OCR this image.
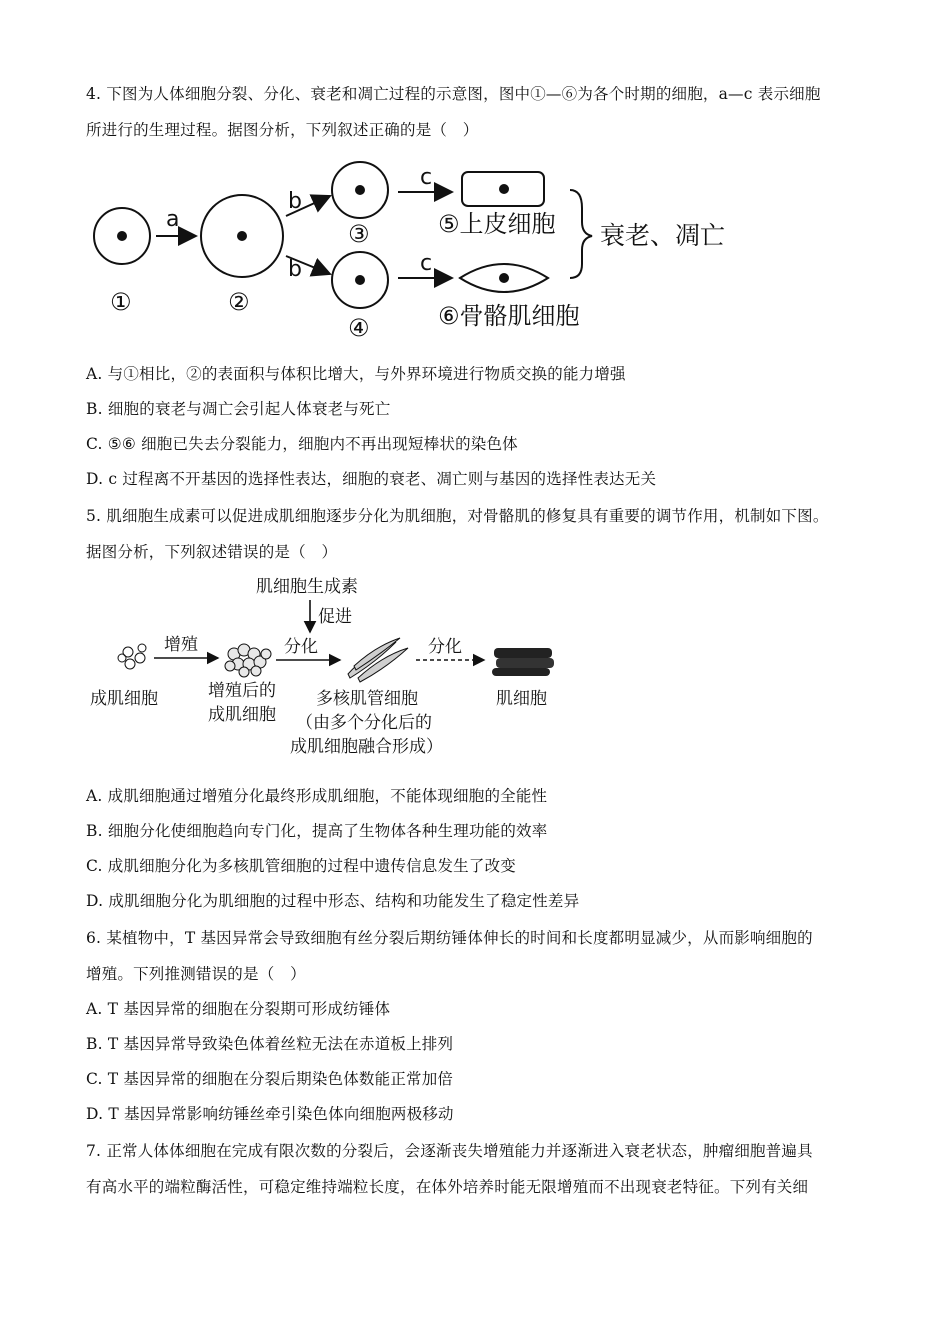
4. 下图为人体细胞分裂、分化、衰老和凋亡过程的示意图，图中①—⑥为各个时期的细胞，a—c 表示细胞
所进行的生理过程。据图分析，下列叙述正确的是（　）
①
a
②
b
b
③
④
c
c
⑤上皮细胞
⑥骨骼肌细胞
衰老、凋亡
A. 与①相比，②的表面积与体积比增大，与外界环境进行物质交换的能力增强
B. 细胞的衰老与凋亡会引起人体衰老与死亡
C. ⑤⑥ 细胞已失去分裂能力，细胞内不再出现短棒状的染色体
D. c 过程离不开基因的选择性表达，细胞的衰老、凋亡则与基因的选择性表达无关
5. 肌细胞生成素可以促进成肌细胞逐步分化为肌细胞，对骨骼肌的修复具有重要的调节作用，机制如下图。
据图分析，下列叙述错误的是（　）
肌细胞生成素
促进
成肌细胞
增殖
增殖后的
成肌细胞
分化
多核肌管细胞
（由多个分化后的
成肌细胞融合形成）
分化
肌细胞
A. 成肌细胞通过增殖分化最终形成肌细胞，不能体现细胞的全能性
B. 细胞分化使细胞趋向专门化，提高了生物体各种生理功能的效率
C. 成肌细胞分化为多核肌管细胞的过程中遗传信息发生了改变
D. 成肌细胞分化为肌细胞的过程中形态、结构和功能发生了稳定性差异
6. 某植物中，T 基因异常会导致细胞有丝分裂后期纺锤体伸长的时间和长度都明显减少，从而影响细胞的
增殖。下列推测错误的是（　）
A. T 基因异常的细胞在分裂期可形成纺锤体
B. T 基因异常导致染色体着丝粒无法在赤道板上排列
C. T 基因异常的细胞在分裂后期染色体数能正常加倍
D. T 基因异常影响纺锤丝牵引染色体向细胞两极移动
7. 正常人体体细胞在完成有限次数的分裂后，会逐渐丧失增殖能力并逐渐进入衰老状态，肿瘤细胞普遍具
有高水平的端粒酶活性，可稳定维持端粒长度，在体外培养时能无限增殖而不出现衰老特征。下列有关细
